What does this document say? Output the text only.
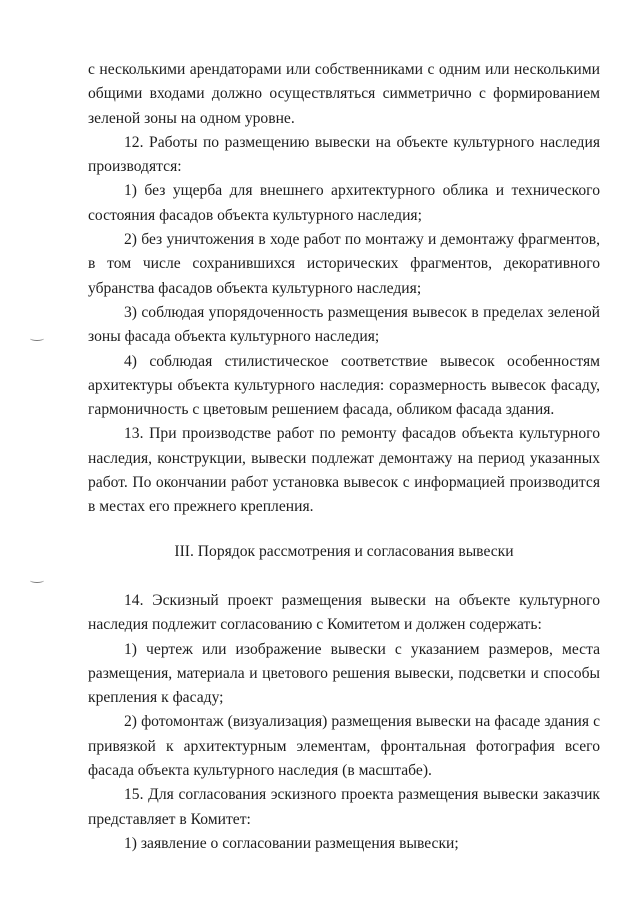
с несколькими арендаторами или собственниками с одним или несколькими общими входами должно осуществляться симметрично с формированием зеленой зоны на одном уровне.

12. Работы по размещению вывески на объекте культурного наследия производятся:

1) без ущерба для внешнего архитектурного облика и технического состояния фасадов объекта культурного наследия;

2) без уничтожения в ходе работ по монтажу и демонтажу фрагментов, в том числе сохранившихся исторических фрагментов, декоративного убранства фасадов объекта культурного наследия;

3) соблюдая упорядоченность размещения вывесок в пределах зеленой зоны фасада объекта культурного наследия;

4) соблюдая стилистическое соответствие вывесок особенностям архитектуры объекта культурного наследия: соразмерность вывесок фасаду, гармоничность с цветовым решением фасада, обликом фасада здания.

13. При производстве работ по ремонту фасадов объекта культурного наследия, конструкции, вывески подлежат демонтажу на период указанных работ. По окончании работ установка вывесок с информацией производится в местах его прежнего крепления.

III. Порядок рассмотрения и согласования вывески

14. Эскизный проект размещения вывески на объекте культурного наследия подлежит согласованию с Комитетом и должен содержать:

1) чертеж или изображение вывески с указанием размеров, места размещения, материала и цветового решения вывески, подсветки и способы крепления к фасаду;

2) фотомонтаж (визуализация) размещения вывески на фасаде здания с привязкой к архитектурным элементам, фронтальная фотография всего фасада объекта культурного наследия (в масштабе).

15. Для согласования эскизного проекта размещения вывески заказчик представляет в Комитет:

1) заявление о согласовании размещения вывески;
